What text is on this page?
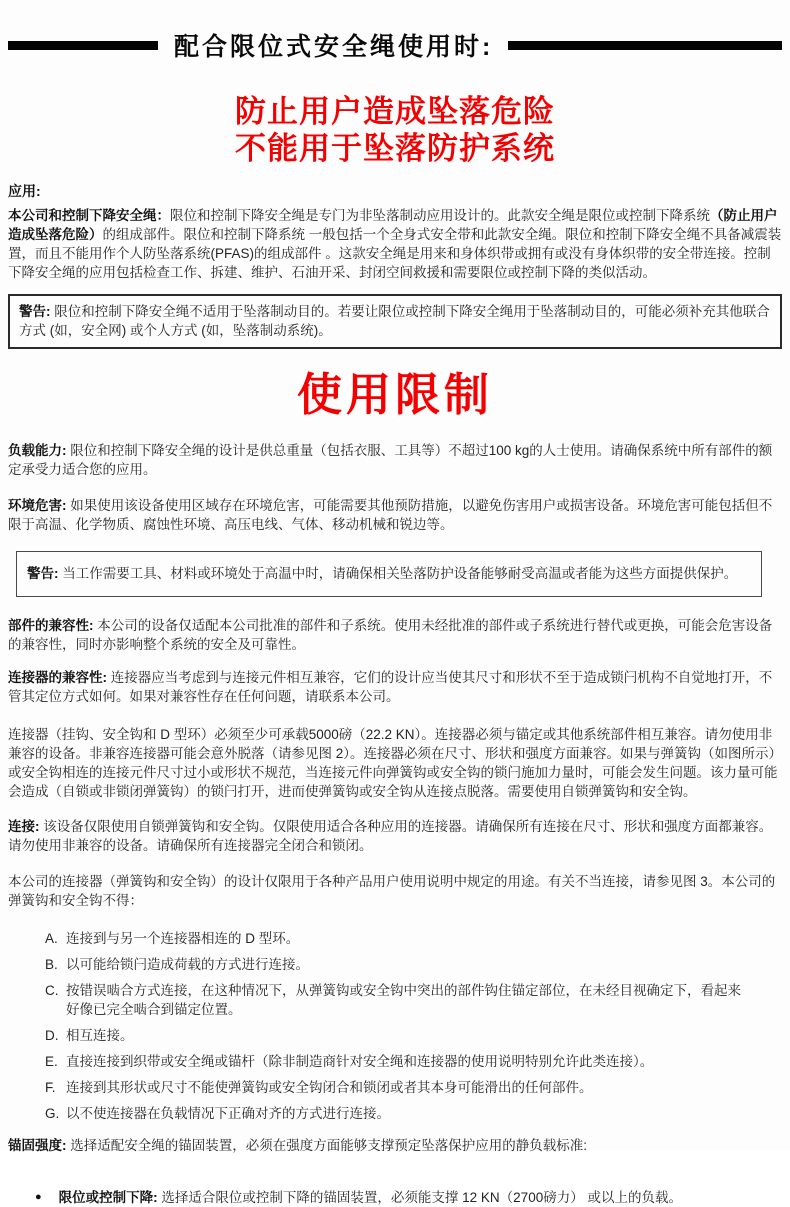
配合限位式安全绳使用时:
防止用户造成坠落危险
不能用于坠落防护系统
应用:

本公司和控制下降安全绳：限位和控制下降安全绳是专门为非坠落制动应用设计的。此款安全绳是限位或控制下降系统（防止用户造成坠落危险）的组成部件。限位和控制下降系统 一般包括一个全身式安全带和此款安全绳。限位和控制下降安全绳不具备减震装置，而且不能用作个人防坠落系统(PFAS)的组成部件 。这款安全绳是用来和身体织带或拥有或没有身体织带的安全带连接。控制下降安全绳的应用包括检查工作、拆建、维护、石油开采、封闭空间救援和需要限位或控制下降的类似活动。

警告: 限位和控制下降安全绳不适用于坠落制动目的。若要让限位或控制下降安全绳用于坠落制动目的，可能必须补充其他联合方式 (如，安全网) 或个人方式 (如，坠落制动系统)。
使用限制

负载能力: 限位和控制下降安全绳的设计是供总重量（包括衣服、工具等）不超过100 kg的人士使用。请确保系统中所有部件的额定承受力适合您的应用。

环境危害: 如果使用该设备使用区域存在环境危害，可能需要其他预防措施，以避免伤害用户或损害设备。环境危害可能包括但不限于高温、化学物质、腐蚀性环境、高压电线、气体、移动机械和锐边等。

警告: 当工作需要工具、材料或环境处于高温中时，请确保相关坠落防护设备能够耐受高温或者能为这些方面提供保护。

部件的兼容性: 本公司的设备仅适配本公司批准的部件和子系统。使用未经批准的部件或子系统进行替代或更换，可能会危害设备的兼容性，同时亦影响整个系统的安全及可靠性。

连接器的兼容性: 连接器应当考虑到与连接元件相互兼容，它们的设计应当使其尺寸和形状不至于造成锁闩机构不自觉地打开，不管其定位方式如何。如果对兼容性存在任何问题，请联系本公司。

连接器（挂钩、安全钩和 D 型环）必须至少可承载5000磅（22.2 KN）。连接器必须与锚定或其他系统部件相互兼容。请勿使用非兼容的设备。非兼容连接器可能会意外脱落（请参见图 2）。连接器必须在尺寸、形状和强度方面兼容。如果与弹簧钩（如图所示）或安全钩相连的连接元件尺寸过小或形状不规范，当连接元件向弹簧钩或安全钩的锁闩施加力量时，可能会发生问题。该力量可能会造成（自锁或非锁闭弹簧钩）的锁闩打开，进而使弹簧钩或安全钩从连接点脱落。需要使用自锁弹簧钩和安全钩。

连接: 该设备仅限使用自锁弹簧钩和安全钩。仅限使用适合各种应用的连接器。请确保所有连接在尺寸、形状和强度方面都兼容。请勿使用非兼容的设备。请确保所有连接器完全闭合和锁闭。

本公司的连接器（弹簧钩和安全钩）的设计仅限用于各种产品用户使用说明中规定的用途。有关不当连接，请参见图 3。本公司的弹簧钩和安全钩不得：

A. 连接到与另一个连接器相连的 D 型环。
B. 以可能给锁闩造成荷载的方式进行连接。
C. 按错误啮合方式连接，在这种情况下，从弹簧钩或安全钩中突出的部件钩住锚定部位，在未经目视确定下，看起来好像已完全啮合到锚定位置。
D. 相互连接。
E. 直接连接到织带或安全绳或锚杆（除非制造商针对安全绳和连接器的使用说明特别允许此类连接）。
F. 连接到其形状或尺寸不能使弹簧钩或安全钩闭合和锁闭或者其本身可能滑出的任何部件。
G. 以不使连接器在负载情况下正确对齐的方式进行连接。

锚固强度: 选择适配安全绳的锚固装置，必须在强度方面能够支撑预定坠落保护应用的静负载标准:

● 限位或控制下降: 选择适合限位或控制下降的锚固装置，必须能支撑 12 KN（2700磅力） 或以上的负载。
